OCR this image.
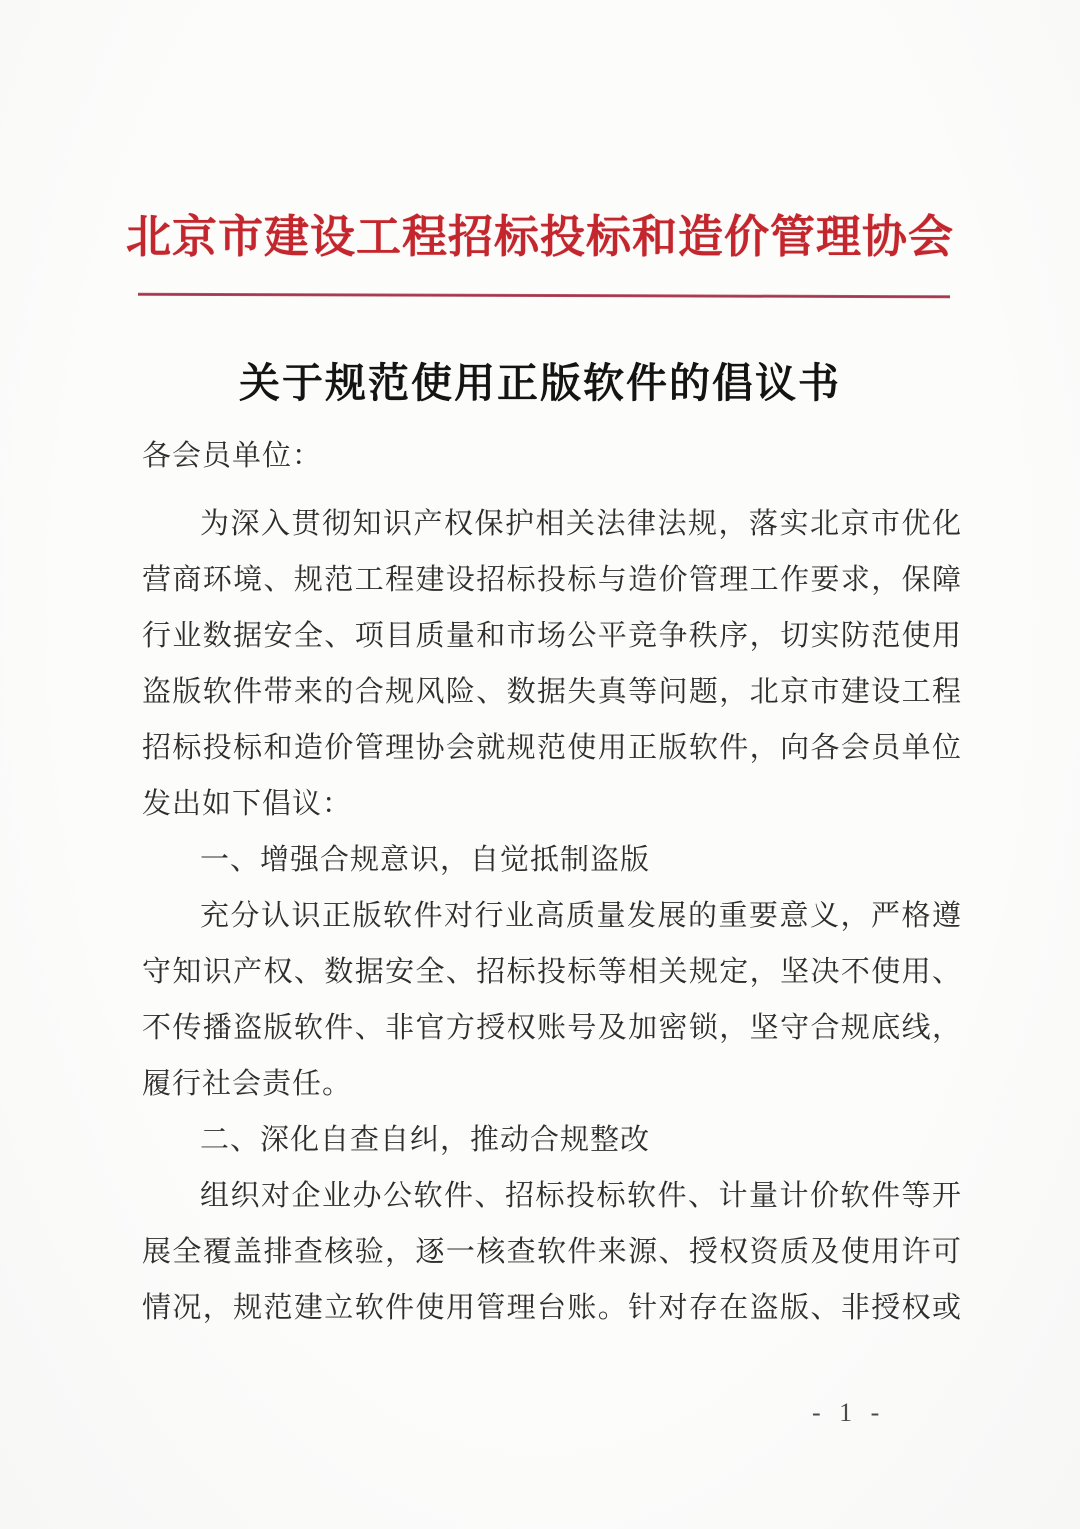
北京市建设工程招标投标和造价管理协会
关于规范使用正版软件的倡议书
各会员单位：
为深入贯彻知识产权保护相关法律法规，落实北京市优化
营商环境、规范工程建设招标投标与造价管理工作要求，保障
行业数据安全、项目质量和市场公平竞争秩序，切实防范使用
盗版软件带来的合规风险、数据失真等问题，北京市建设工程
招标投标和造价管理协会就规范使用正版软件，向各会员单位
发出如下倡议：
一、增强合规意识，自觉抵制盗版
充分认识正版软件对行业高质量发展的重要意义，严格遵
守知识产权、数据安全、招标投标等相关规定，坚决不使用、
不传播盗版软件、非官方授权账号及加密锁，坚守合规底线，
履行社会责任。
二、深化自查自纠，推动合规整改
组织对企业办公软件、招标投标软件、计量计价软件等开
展全覆盖排查核验，逐一核查软件来源、授权资质及使用许可
情况，规范建立软件使用管理台账。针对存在盗版、非授权或
- 1 -
